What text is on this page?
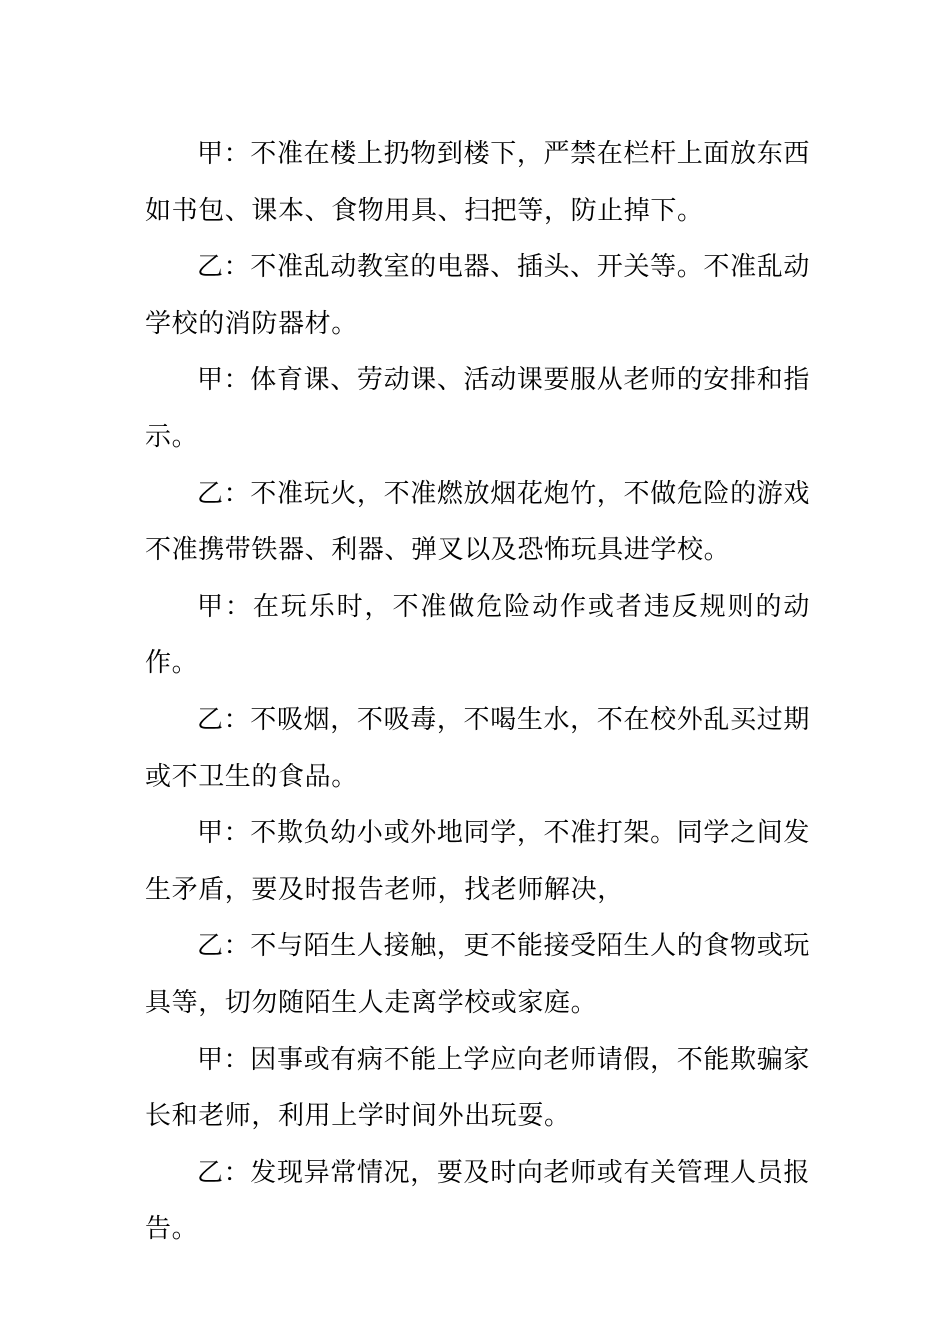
甲：不准在楼上扔物到楼下，严禁在栏杆上面放东西如书包、课本、食物用具、扫把等，防止掉下。

乙：不准乱动教室的电器、插头、开关等。不准乱动学校的消防器材。

甲：体育课、劳动课、活动课要服从老师的安排和指示。

乙：不准玩火，不准燃放烟花炮竹，不做危险的游戏不准携带铁器、利器、弹叉以及恐怖玩具进学校。

甲：在玩乐时，不准做危险动作或者违反规则的动作。

乙：不吸烟，不吸毒，不喝生水，不在校外乱买过期或不卫生的食品。

甲：不欺负幼小或外地同学，不准打架。同学之间发生矛盾，要及时报告老师，找老师解决，

乙：不与陌生人接触，更不能接受陌生人的食物或玩具等，切勿随陌生人走离学校或家庭。

甲：因事或有病不能上学应向老师请假，不能欺骗家长和老师，利用上学时间外出玩耍。

乙：发现异常情况，要及时向老师或有关管理人员报告。
